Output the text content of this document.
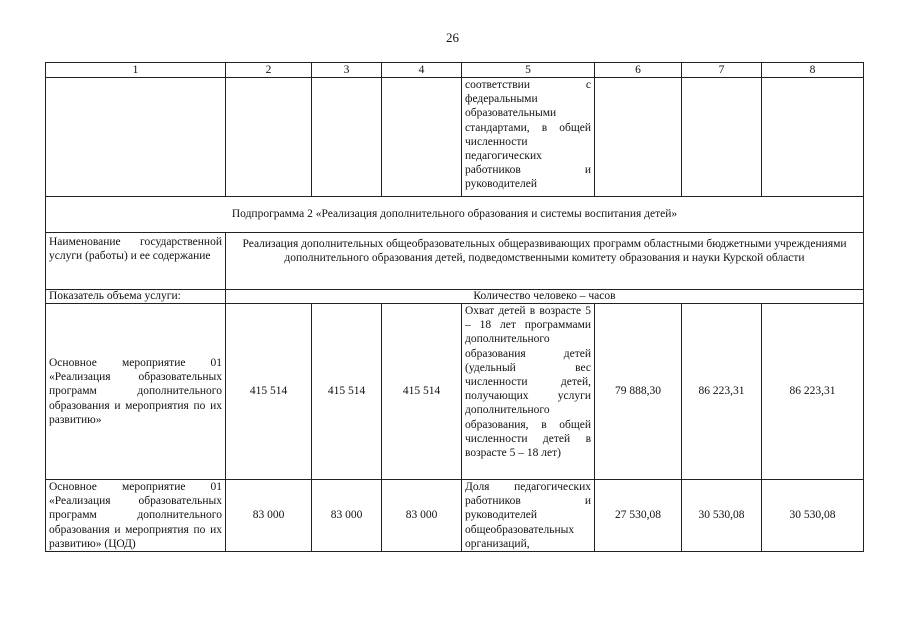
26
1	2	3	4	5	6	7	8
				соответствии с федеральными образовательными стандартами, в общей численности педагогических работников и руководителей			
Подпрограмма 2 «Реализация дополнительного образования и системы воспитания детей»							
Наименование государственной услуги (работы) и ее содержание	Реализация дополнительных общеобразовательных общеразвивающих программ областными бюджетными учреждениями дополнительного образования детей, подведомственными комитету образования и науки Курской области						
Показатель объема услуги:	Количество человеко – часов						
Основное мероприятие 01 «Реализация образовательных программ дополнительного образования и мероприятия по их развитию»	415 514	415 514	415 514	Охват детей в возрасте 5 – 18 лет программами дополнительного образования детей (удельный вес численности детей, получающих услуги дополнительного образования, в общей численности детей в возрасте 5 – 18 лет)	79 888,30	86 223,31	86 223,31
Основное мероприятие 01 «Реализация образовательных программ дополнительного образования и мероприятия по их развитию» (ЦОД)	83 000	83 000	83 000	Доля педагогических работников и руководителей общеобразовательных организаций,	27 530,08	30 530,08	30 530,08
